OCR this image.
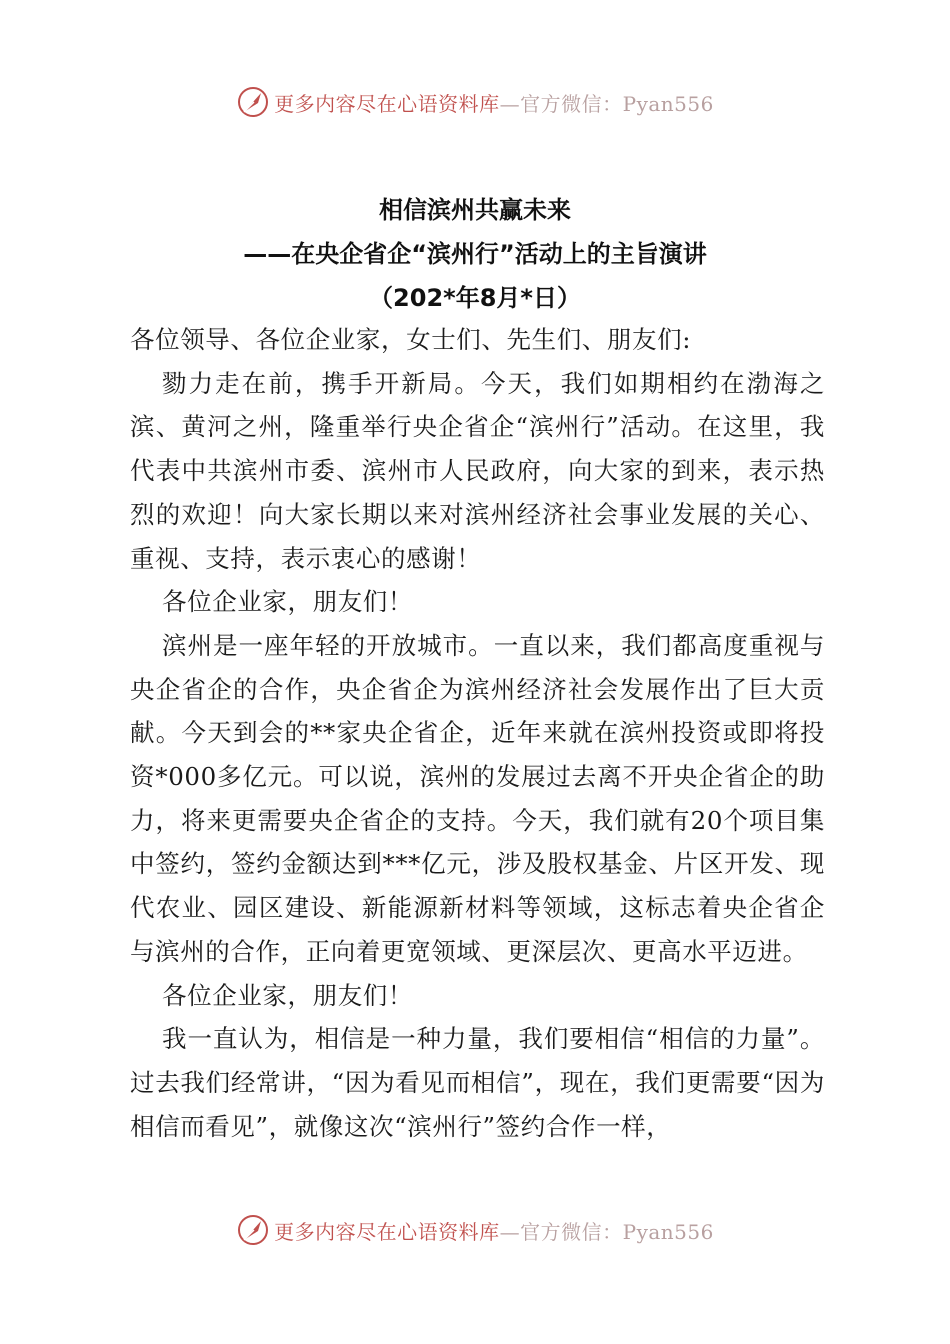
更多内容尽在心语资料库—官方微信：Pyan556
相信滨州共赢未来
——在央企省企“滨州行”活动上的主旨演讲
（202*年8月*日）

各位领导、各位企业家，女士们、先生们、朋友们:

勠力走在前，携手开新局。今天，我们如期相约在渤海之滨、黄河之州，隆重举行央企省企“滨州行”活动。在这里，我代表中共滨州市委、滨州市人民政府，向大家的到来，表示热烈的欢迎！向大家长期以来对滨州经济社会事业发展的关心、重视、支持，表示衷心的感谢！

各位企业家，朋友们！

滨州是一座年轻的开放城市。一直以来，我们都高度重视与央企省企的合作，央企省企为滨州经济社会发展作出了巨大贡献。今天到会的**家央企省企，近年来就在滨州投资或即将投资*000多亿元。可以说，滨州的发展过去离不开央企省企的助力，将来更需要央企省企的支持。今天，我们就有20个项目集中签约，签约金额达到***亿元，涉及股权基金、片区开发、现代农业、园区建设、新能源新材料等领域，这标志着央企省企与滨州的合作，正向着更宽领域、更深层次、更高水平迈进。

各位企业家，朋友们！

我一直认为，相信是一种力量，我们要相信“相信的力量”。过去我们经常讲，“因为看见而相信”，现在，我们更需要“因为相信而看见”，就像这次“滨州行”签约合作一样，

更多内容尽在心语资料库—官方微信：Pyan556
